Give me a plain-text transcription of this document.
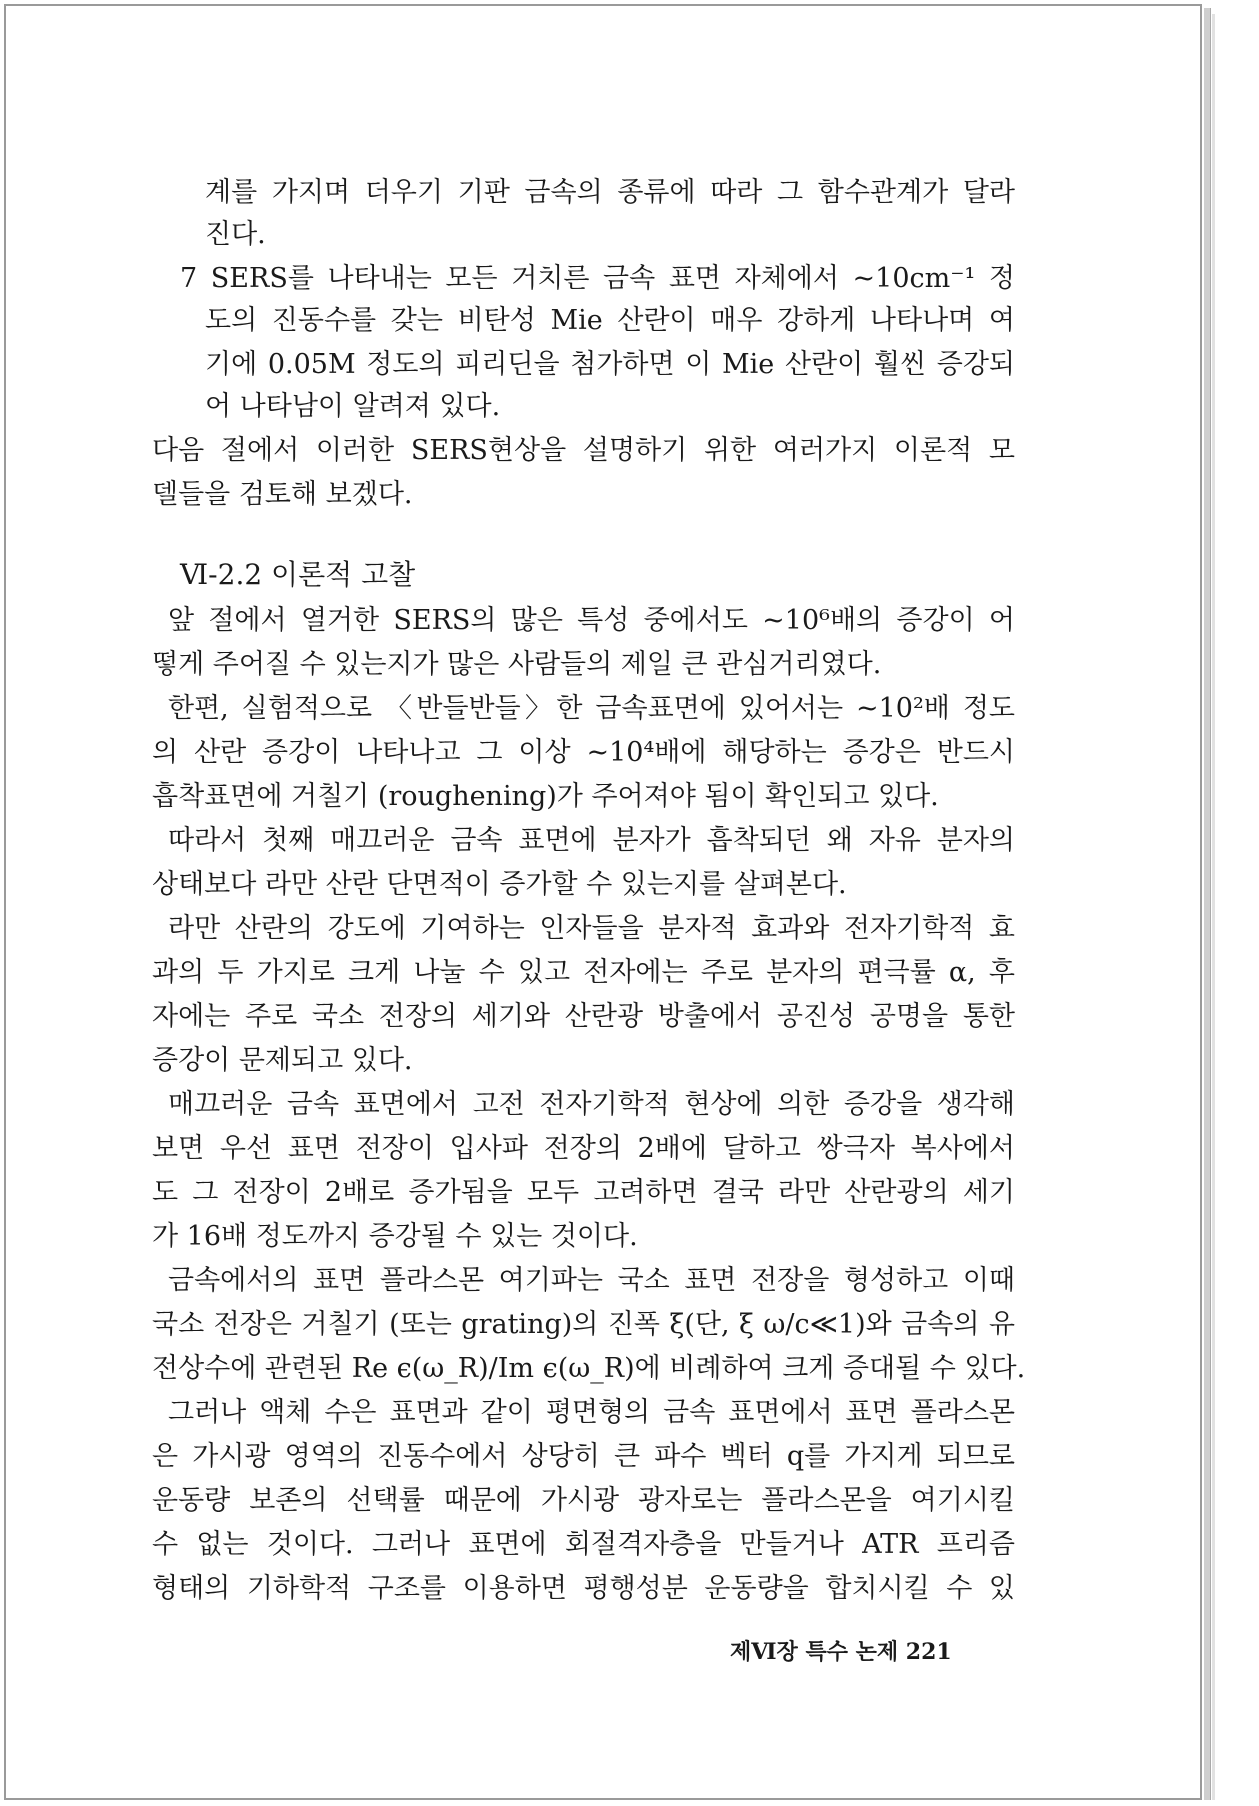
계를 가지며 더우기 기판 금속의 종류에 따라 그 함수관계가 달라
진다.
7 SERS를 나타내는 모든 거치른 금속 표면 자체에서 ~10cm⁻¹ 정
도의 진동수를 갖는 비탄성 Mie 산란이 매우 강하게 나타나며 여
기에 0.05M 정도의 피리딘을 첨가하면 이 Mie 산란이 훨씬 증강되
어 나타남이 알려져 있다.
다음 절에서 이러한 SERS현상을 설명하기 위한 여러가지 이론적 모
델들을 검토해 보겠다.
Ⅵ-2.2 이론적 고찰
앞 절에서 열거한 SERS의 많은 특성 중에서도 ~10⁶배의 증강이 어
떻게 주어질 수 있는지가 많은 사람들의 제일 큰 관심거리였다.
한편, 실험적으로 〈반들반들〉한 금속표면에 있어서는 ~10²배 정도
의 산란 증강이 나타나고 그 이상 ~10⁴배에 해당하는 증강은 반드시
흡착표면에 거칠기 (roughening)가 주어져야 됨이 확인되고 있다.
따라서 첫째 매끄러운 금속 표면에 분자가 흡착되던 왜 자유 분자의
상태보다 라만 산란 단면적이 증가할 수 있는지를 살펴본다.
라만 산란의 강도에 기여하는 인자들을 분자적 효과와 전자기학적 효
과의 두 가지로 크게 나눌 수 있고 전자에는 주로 분자의 편극률 α, 후
자에는 주로 국소 전장의 세기와 산란광 방출에서 공진성 공명을 통한
증강이 문제되고 있다.
매끄러운 금속 표면에서 고전 전자기학적 현상에 의한 증강을 생각해
보면 우선 표면 전장이 입사파 전장의 2배에 달하고 쌍극자 복사에서
도 그 전장이 2배로 증가됨을 모두 고려하면 결국 라만 산란광의 세기
가 16배 정도까지 증강될 수 있는 것이다.
금속에서의 표면 플라스몬 여기파는 국소 표면 전장을 형성하고 이때
국소 전장은 거칠기 (또는 grating)의 진폭 ξ(단, ξ ω/c≪1)와 금속의 유
전상수에 관련된 Re ϵ(ω_R)/Im ϵ(ω_R)에 비례하여 크게 증대될 수 있다.
그러나 액체 수은 표면과 같이 평면형의 금속 표면에서 표면 플라스몬
은 가시광 영역의 진동수에서 상당히 큰 파수 벡터 q를 가지게 되므로
운동량 보존의 선택률 때문에 가시광 광자로는 플라스몬을 여기시킬
수 없는 것이다. 그러나 표면에 회절격자층을 만들거나 ATR 프리즘
형태의 기하학적 구조를 이용하면 평행성분 운동량을 합치시킬 수 있
제Ⅵ장 특수 논제 221
